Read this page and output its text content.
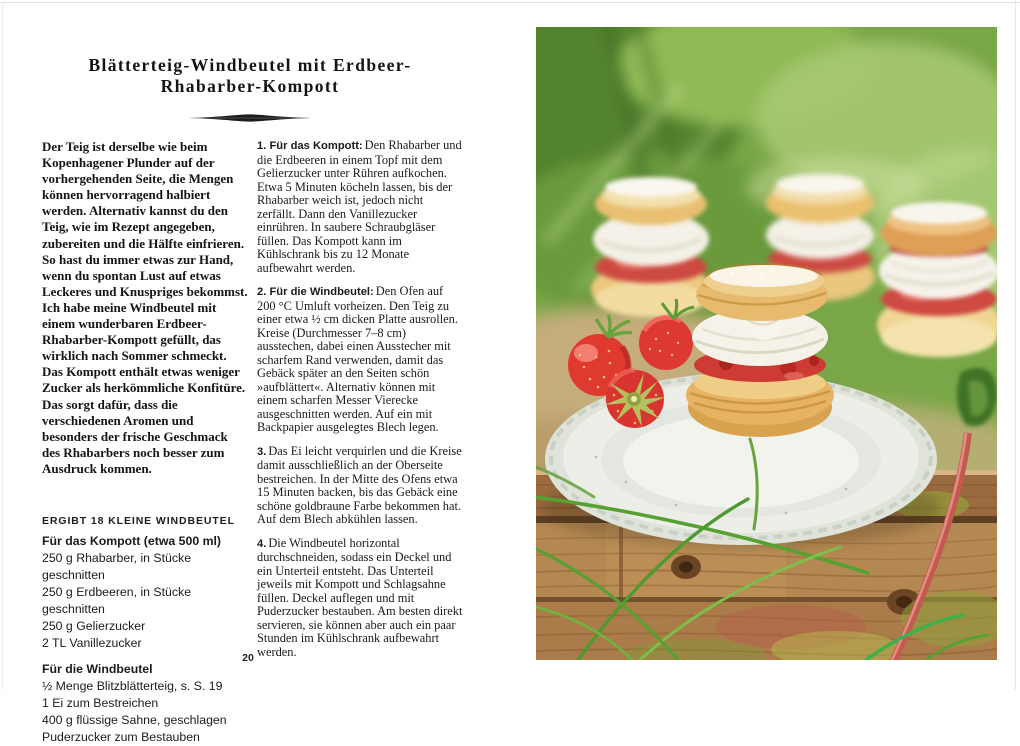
Blätterteig-Windbeutel mit Erdbeer-
Rhabarber-Kompott

Der Teig ist derselbe wie beim Kopenhagener Plunder auf der vorhergehenden Seite, die Mengen können hervorragend halbiert werden. Alternativ kannst du den Teig, wie im Rezept angegeben, zubereiten und die Hälfte einfrieren. So hast du immer etwas zur Hand, wenn du spontan Lust auf etwas Leckeres und Knuspriges bekommst. Ich habe meine Windbeutel mit einem wunderbaren Erdbeer-Rhabarber-Kompott gefüllt, das wirklich nach Sommer schmeckt. Das Kompott enthält etwas weniger Zucker als herkömmliche Konfitüre. Das sorgt dafür, dass die verschiedenen Aromen und besonders der frische Geschmack des Rhabarbers noch besser zum Ausdruck kommen.

ERGIBT 18 KLEINE WINDBEUTEL
Für das Kompott (etwa 500 ml)
250 g Rhabarber, in Stücke geschnitten
250 g Erdbeeren, in Stücke geschnitten
250 g Gelierzucker
2 TL Vanillezucker
Für die Windbeutel
½ Menge Blitzblätterteig, s. S. 19
1 Ei zum Bestreichen
400 g flüssige Sahne, geschlagen
Puderzucker zum Bestauben

1. Für das Kompott: Den Rhabarber und die Erdbeeren in einem Topf mit dem Gelierzucker unter Rühren aufkochen. Etwa 5 Minuten köcheln lassen, bis der Rhabarber weich ist, jedoch nicht zerfällt. Dann den Vanillezucker einrühren. In saubere Schraubgläser füllen. Das Kompott kann im Kühlschrank bis zu 12 Monate aufbewahrt werden.

2. Für die Windbeutel: Den Ofen auf 200 °C Umluft vorheizen. Den Teig zu einer etwa ½ cm dicken Platte ausrollen. Kreise (Durchmesser 7–8 cm) ausstechen, dabei einen Ausstecher mit scharfem Rand verwenden, damit das Gebäck später an den Seiten schön »aufblättert«. Alternativ können mit einem scharfen Messer Vierecke ausgeschnitten werden. Auf ein mit Backpapier ausgelegtes Blech legen.

3. Das Ei leicht verquirlen und die Kreise damit ausschließlich an der Oberseite bestreichen. In der Mitte des Ofens etwa 15 Minuten backen, bis das Gebäck eine schöne goldbraune Farbe bekommen hat. Auf dem Blech abkühlen lassen.

4. Die Windbeutel horizontal durchschneiden, sodass ein Deckel und ein Unterteil entsteht. Das Unterteil jeweils mit Kompott und Schlagsahne füllen. Deckel auflegen und mit Puderzucker bestauben. Am besten direkt servieren, sie können aber auch ein paar Stunden im Kühlschrank aufbewahrt werden.

20
